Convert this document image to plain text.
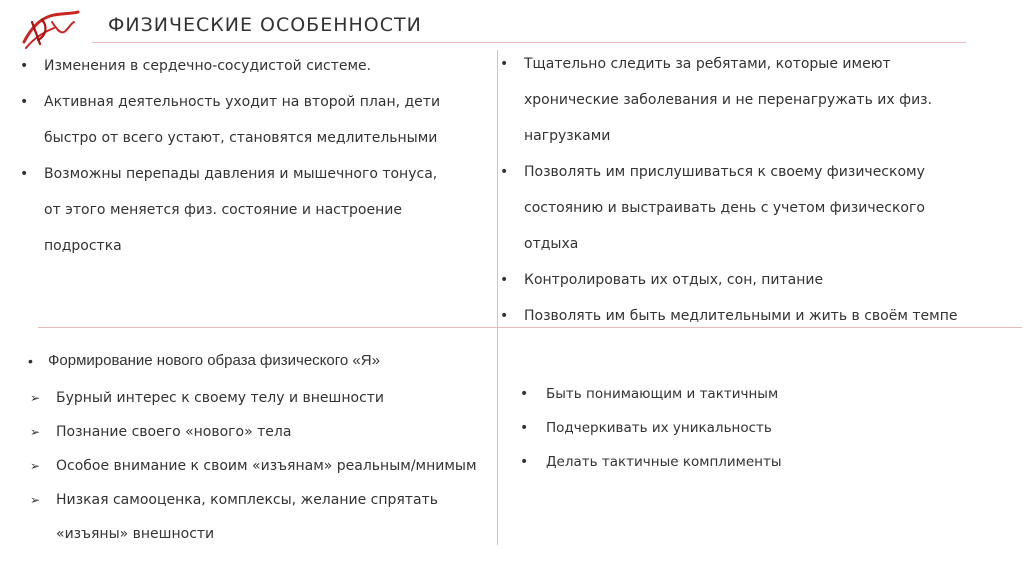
ФИЗИЧЕСКИЕ ОСОБЕННОСТИ
• Изменения в сердечно-сосудистой системе.
• Активная деятельность уходит на второй план, дети
быстро от всего устают, становятся медлительными
• Возможны перепады давления и мышечного тонуса,
от этого меняется физ. состояние и настроение
подростка
• Тщательно следить за ребятами, которые имеют
хронические заболевания и не перенагружать их физ.
нагрузками
• Позволять им прислушиваться к своему физическому
состоянию и выстраивать день с учетом физического
отдыха
• Контролировать их отдых, сон, питание
• Позволять им быть медлительными и жить в своём темпе
• Формирование нового образа физического «Я»
➢ Бурный интерес к своему телу и внешности
➢ Познание своего «нового» тела
➢ Особое внимание к своим «изъянам» реальным/мнимым
➢ Низкая самооценка, комплексы, желание спрятать
«изъяны» внешности
• Быть понимающим и тактичным
• Подчеркивать их уникальность
• Делать тактичные комплименты
